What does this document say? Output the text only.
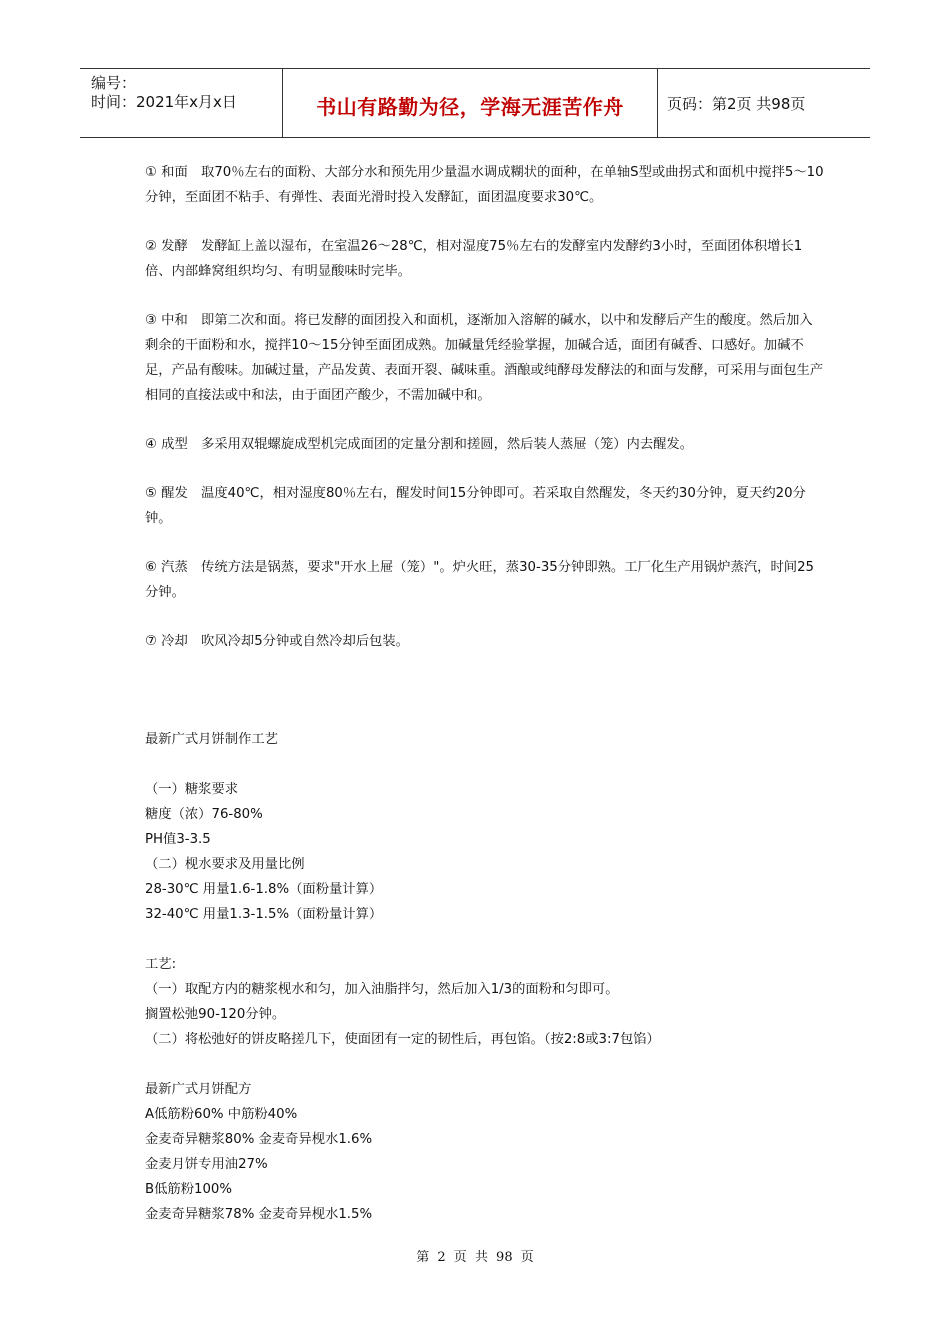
编号：
时间：2021年x月x日	书山有路勤为径，学海无涯苦作舟	页码：第2页 共98页

① 和面　取70％左右的面粉、大部分水和预先用少量温水调成糊状的面种，在单轴S型或曲拐式和面机中搅拌5～10分钟，至面团不粘手、有弹性、表面光滑时投入发酵缸，面团温度要求30℃。

② 发酵　发酵缸上盖以湿布，在室温26～28℃，相对湿度75％左右的发酵室内发酵约3小时，至面团体积增长1倍、内部蜂窝组织均匀、有明显酸味时完毕。

③ 中和　即第二次和面。将已发酵的面团投入和面机，逐渐加入溶解的碱水，以中和发酵后产生的酸度。然后加入剩余的干面粉和水，搅拌10～15分钟至面团成熟。加碱量凭经验掌握，加碱合适，面团有碱香、口感好。加碱不足，产品有酸味。加碱过量，产品发黄、表面开裂、碱味重。酒酿或纯酵母发酵法的和面与发酵，可采用与面包生产相同的直接法或中和法，由于面团产酸少，不需加碱中和。

④ 成型　多采用双辊螺旋成型机完成面团的定量分割和搓圆，然后装人蒸屉（笼）内去醒发。

⑤ 醒发　温度40℃，相对湿度80％左右，醒发时间15分钟即可。若采取自然醒发，冬天约30分钟，夏天约20分钟。

⑥ 汽蒸　传统方法是锅蒸，要求"开水上屉（笼）"。炉火旺，蒸30-35分钟即熟。工厂化生产用锅炉蒸汽，时间25分钟。

⑦ 冷却　吹风冷却5分钟或自然冷却后包装。

最新广式月饼制作工艺
（一）糖浆要求
糖度（浓）76-80%
PH值3-3.5
（二）枧水要求及用量比例
28-30℃ 用量1.6-1.8%（面粉量计算）
32-40℃ 用量1.3-1.5%（面粉量计算）
工艺:
（一）取配方内的糖浆枧水和匀，加入油脂拌匀，然后加入1/3的面粉和匀即可。
搁置松弛90-120分钟。
（二）将松弛好的饼皮略搓几下，使面团有一定的韧性后，再包馅。（按2:8或3:7包馅）
最新广式月饼配方
A低筋粉60% 中筋粉40%
金麦奇异糖浆80% 金麦奇异枧水1.6%
金麦月饼专用油27%
B低筋粉100%
金麦奇异糖浆78% 金麦奇异枧水1.5%
第 2 页 共 98 页
